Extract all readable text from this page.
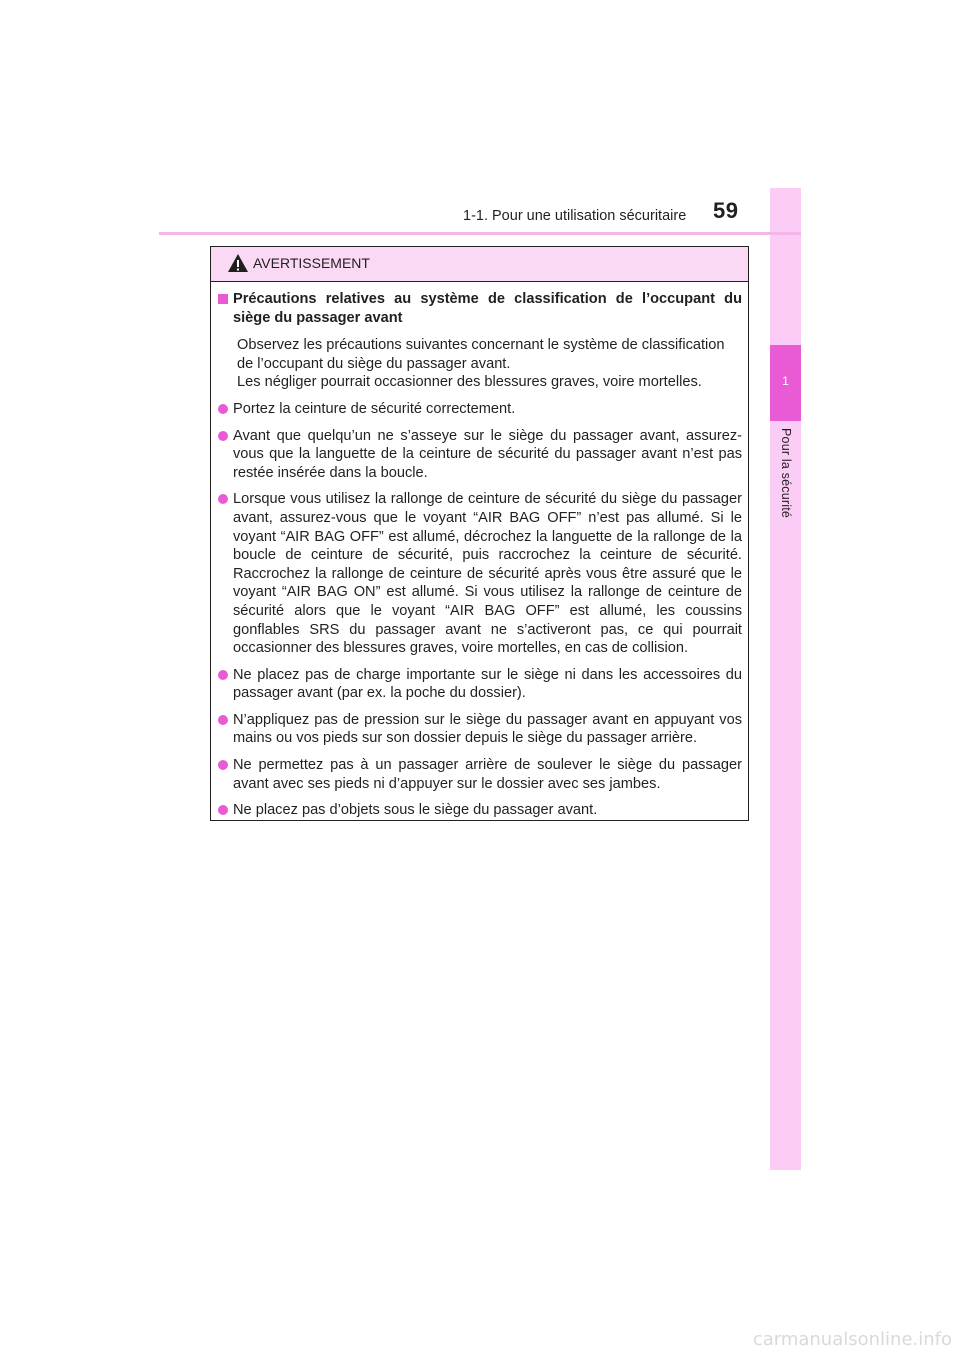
1
Pour la sécurité
1-1. Pour une utilisation sécuritaire 59
AVERTISSEMENT
Précautions relatives au système de classification de l’occupant du siège du passager avant

Observez les précautions suivantes concernant le système de classification de l’occupant du siège du passager avant.

Les négliger pourrait occasionner des blessures graves, voire mortelles.

Portez la ceinture de sécurité correctement.
Avant que quelqu’un ne s’asseye sur le siège du passager avant, assurez-vous que la languette de la ceinture de sécurité du passager avant n’est pas restée insérée dans la boucle.
Lorsque vous utilisez la rallonge de ceinture de sécurité du siège du passager avant, assurez-vous que le voyant “AIR BAG OFF” n’est pas allumé. Si le voyant “AIR BAG OFF” est allumé, décrochez la languette de la rallonge de la boucle de ceinture de sécurité, puis raccrochez la ceinture de sécurité. Raccrochez la rallonge de ceinture de sécurité après vous être assuré que le voyant “AIR BAG ON” est allumé. Si vous utilisez la rallonge de ceinture de sécurité alors que le voyant “AIR BAG OFF” est allumé, les coussins gonflables SRS du passager avant ne s’activeront pas, ce qui pourrait occasionner des blessures graves, voire mortelles, en cas de collision.
Ne placez pas de charge importante sur le siège ni dans les accessoires du passager avant (par ex. la poche du dossier).
N’appliquez pas de pression sur le siège du passager avant en appuyant vos mains ou vos pieds sur son dossier depuis le siège du passager arrière.
Ne permettez pas à un passager arrière de soulever le siège du passager avant avec ses pieds ni d’appuyer sur le dossier avec ses jambes.
Ne placez pas d’objets sous le siège du passager avant.
carmanualsonline.info
